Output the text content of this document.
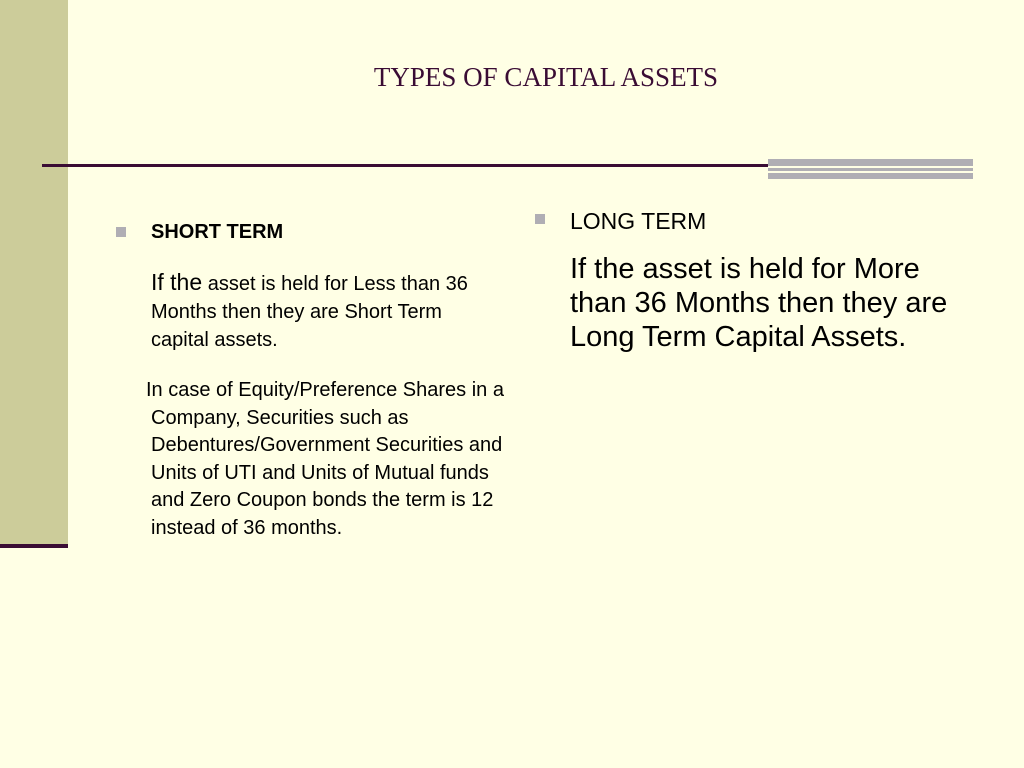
TYPES OF CAPITAL ASSETS

SHORT TERM

If the asset is held for Less than 36 Months then they are Short Term capital assets.

In case of Equity/Preference Shares in a Company, Securities such as Debentures/Government Securities and Units of UTI and Units of Mutual funds and Zero Coupon bonds the term is 12 instead of 36 months.

LONG TERM

If the asset is held for More than 36 Months then they are Long Term Capital Assets.
